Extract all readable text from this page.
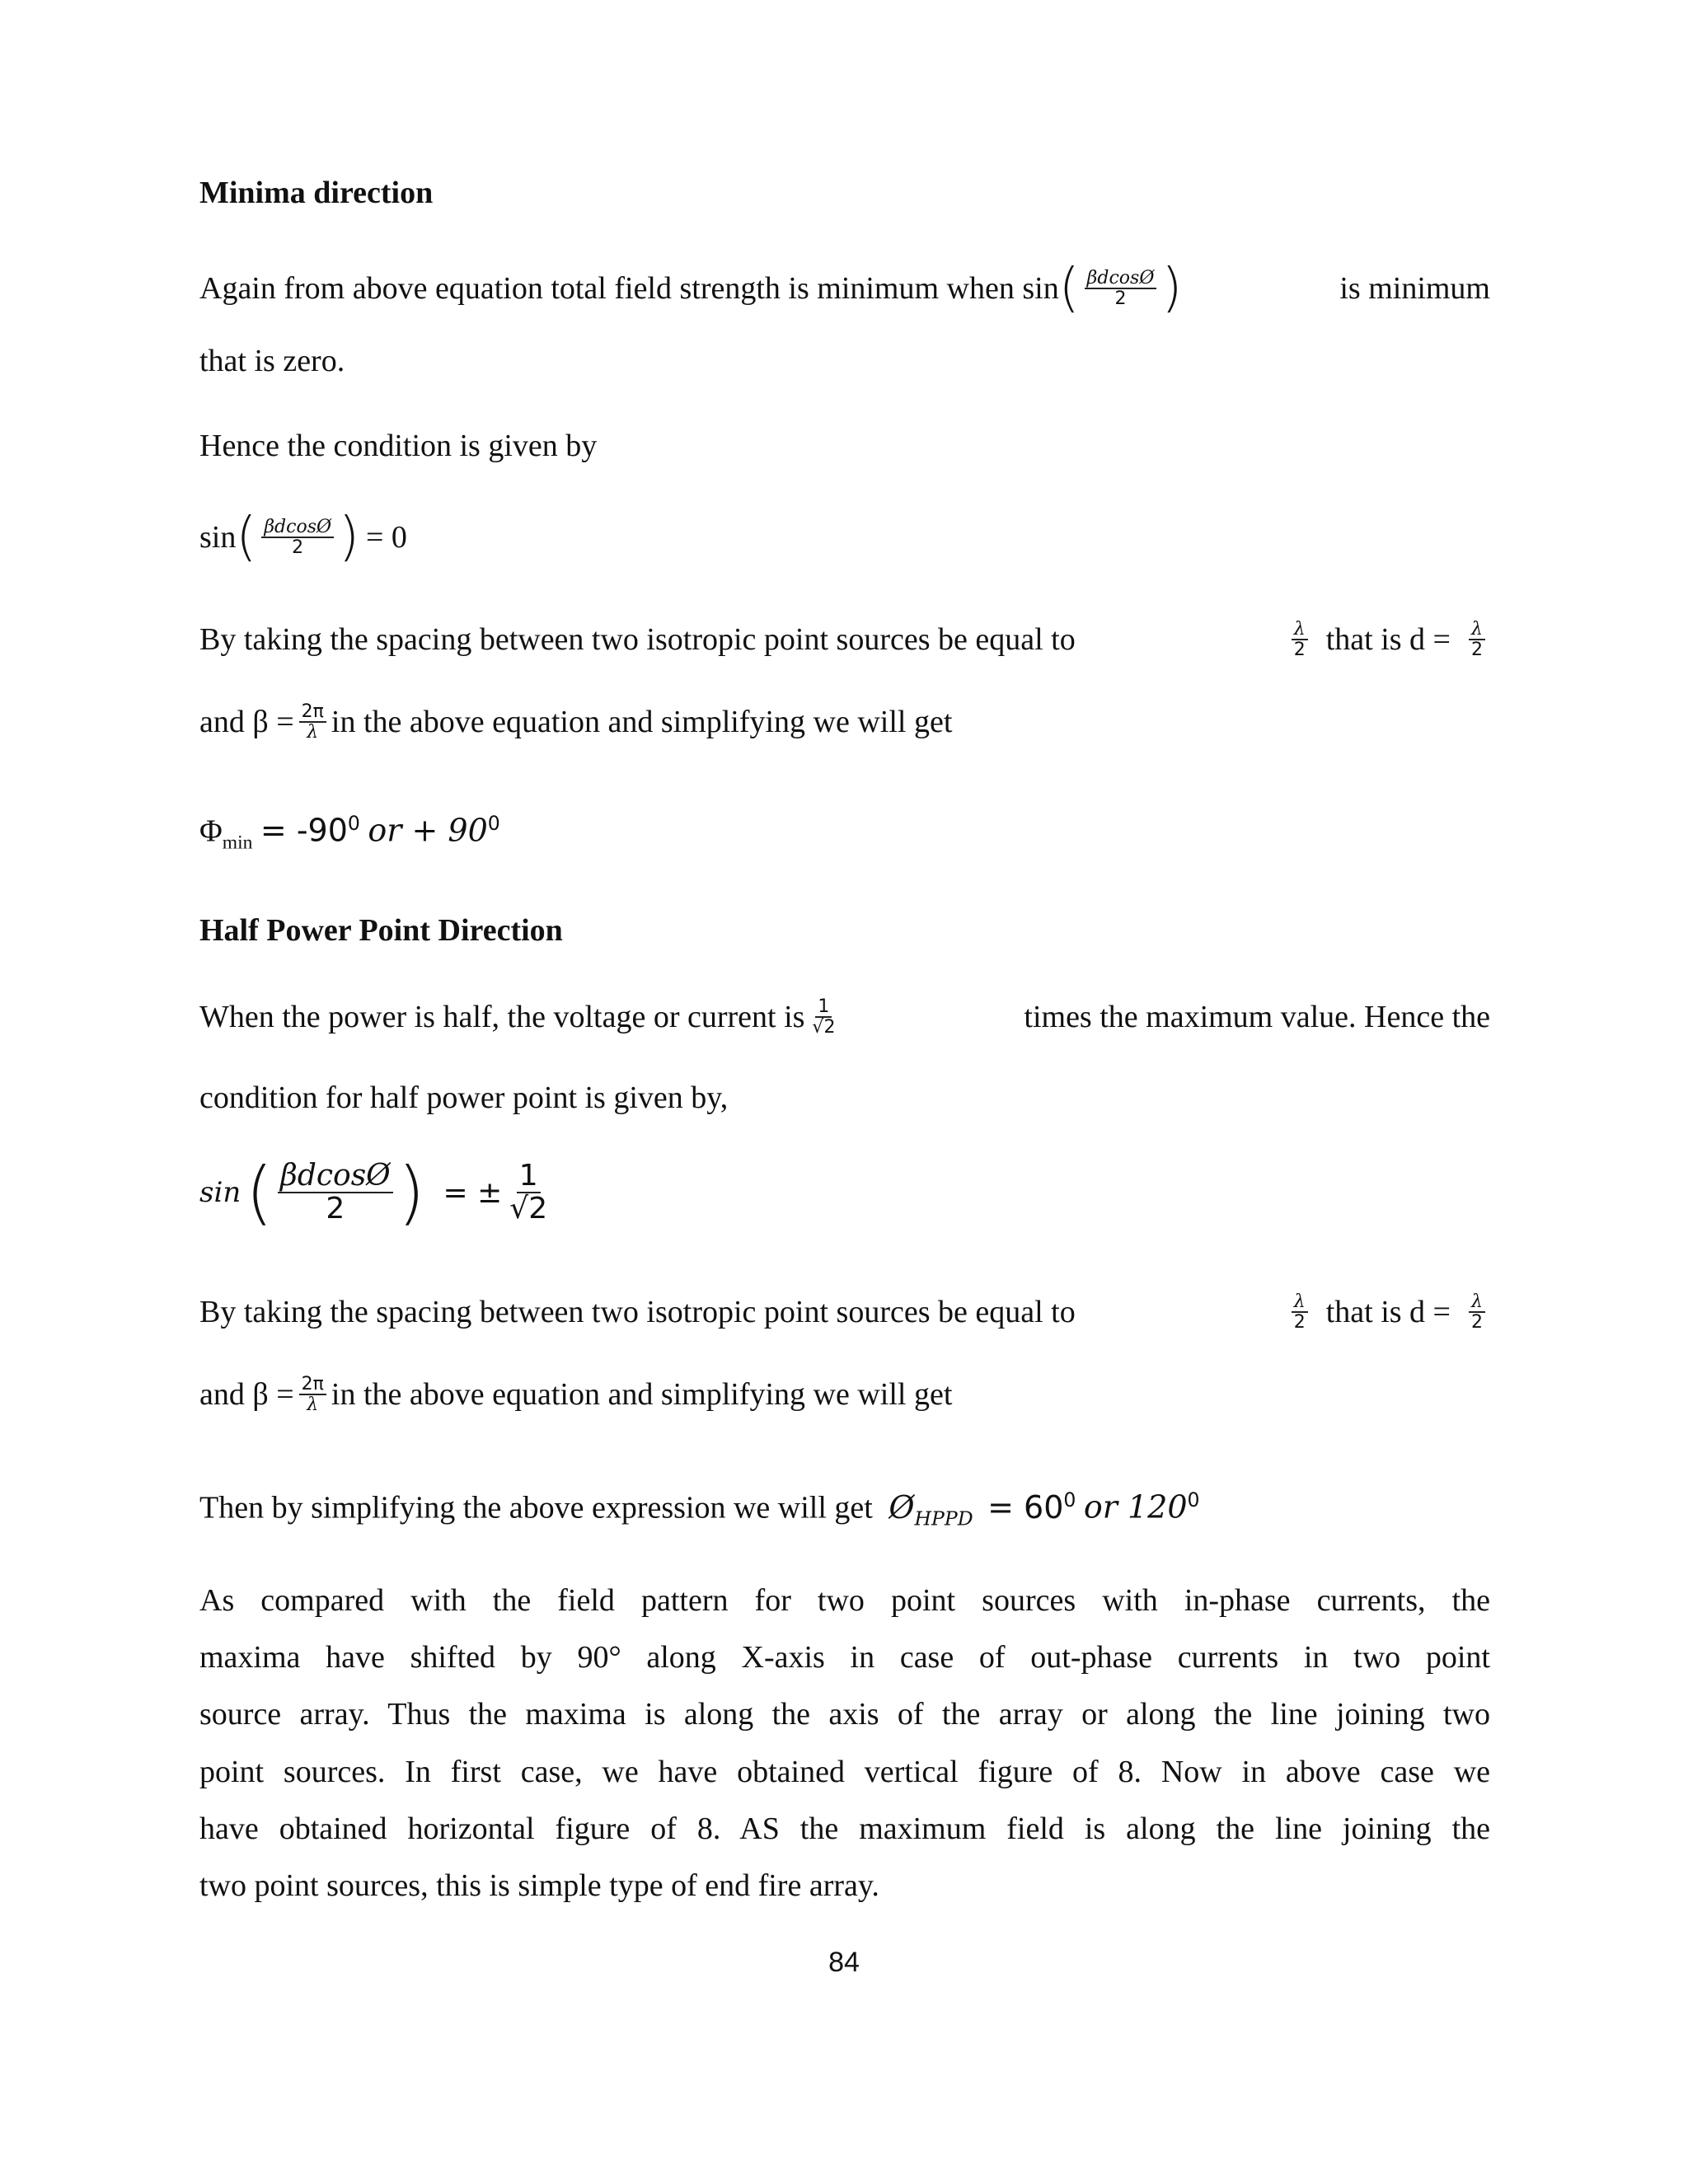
Minima direction
Again from above equation total field strength is minimum when sin ( $\frac{\beta dcosØ}{2}$ )	is minimum
that is zero.
Hence the condition is given by
sin ( $\frac{\beta dcosØ}{2}$ ) = 0
By taking the spacing between two isotropic point sources be equal to	$\frac{\lambda}{2}$ that is $d = \frac{\lambda}{2}$
and $\beta = \frac{2\pi}{\lambda}$ in the above equation and simplifying we will get
$\Phi_{min} = -90^0$ or + $90^0$
Half Power Point Direction
When the power is half, the voltage or current is $\frac{1}{√2}$	times the maximum value. Hence the
condition for half power point is given by,
sin ( $\frac{\beta dcosØ}{2}$ ) = ± $\frac{1}{√2}$
By taking the spacing between two isotropic point sources be equal to	$\frac{\lambda}{2}$ that is $d = \frac{\lambda}{2}$
and $\beta = \frac{2\pi}{\lambda}$ in the above equation and simplifying we will get
Then by simplifying the above expression we will get $Ø_{HPPD} = 60^0$ or $120^0$
As compared with the field pattern for two point sources with in-phase currents, the
maxima have shifted by 90° along X-axis in case of out-phase currents in two point
source array. Thus the maxima is along the axis of the array or along the line joining two
point sources. In first case, we have obtained vertical figure of 8. Now in above case we
have obtained horizontal figure of 8. AS the maximum field is along the line joining the
two point sources, this is simple type of end fire array.
84
